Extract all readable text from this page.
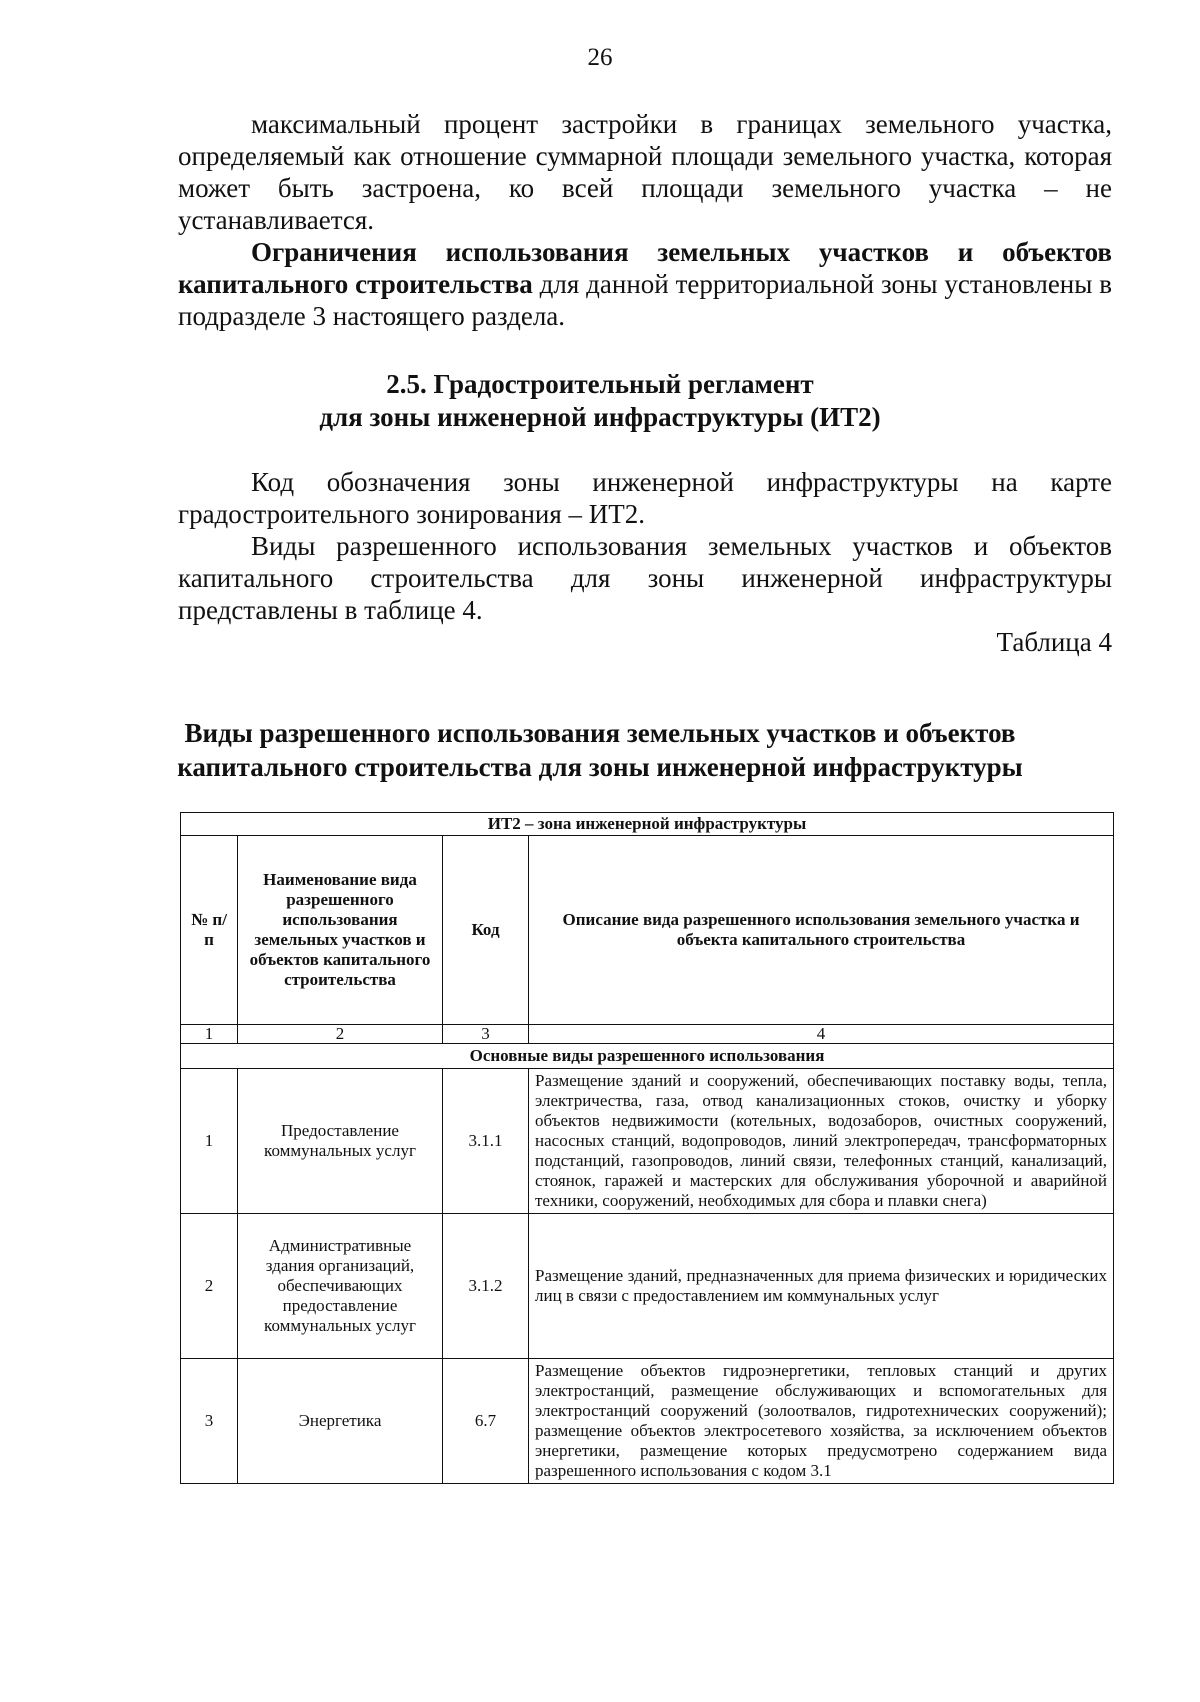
26

максимальный процент застройки в границах земельного участка, определяемый как отношение суммарной площади земельного участка, которая может быть застроена, ко всей площади земельного участка – не устанавливается.

Ограничения использования земельных участков и объектов капитального строительства для данной территориальной зоны установлены в подразделе 3 настоящего раздела.

2.5. Градостроительный регламент
для зоны инженерной инфраструктуры (ИТ2)

Код обозначения зоны инженерной инфраструктуры на карте градостроительного зонирования – ИТ2.

Виды разрешенного использования земельных участков и объектов капитального строительства для зоны инженерной инфраструктуры представлены в таблице 4.

Таблица 4
Виды разрешенного использования земельных участков и объектов
капитального строительства для зоны инженерной инфраструктуры
ИТ2 – зона инженерной инфраструктуры			
№ п/п	Наименование вида разрешенного использования земельных участков и объектов капитального строительства	Код	Описание вида разрешенного использования земельного участка и объекта капитального строительства
1	2	3	4
Основные виды разрешенного использования			
1	Предоставление коммунальных услуг	3.1.1	Размещение зданий и сооружений, обеспечивающих поставку воды, тепла, электричества, газа, отвод канализационных стоков, очистку и уборку объектов недвижимости (котельных, водозаборов, очистных сооружений, насосных станций, водопроводов, линий электропередач, трансформаторных подстанций, газопроводов, линий связи, телефонных станций, канализаций, стоянок, гаражей и мастерских для обслуживания уборочной и аварийной техники, сооружений, необходимых для сбора и плавки снега)
2	Административные здания организаций, обеспечивающих предоставление коммунальных услуг	3.1.2	Размещение зданий, предназначенных для приема физических и юридических лиц в связи с предоставлением им коммунальных услуг
3	Энергетика	6.7	Размещение объектов гидроэнергетики, тепловых станций и других электростанций, размещение обслуживающих и вспомогательных для электростанций сооружений (золоотвалов, гидротехнических сооружений); размещение объектов электросетевого хозяйства, за исключением объектов энергетики, размещение которых предусмотрено содержанием вида разрешенного использования с кодом 3.1
